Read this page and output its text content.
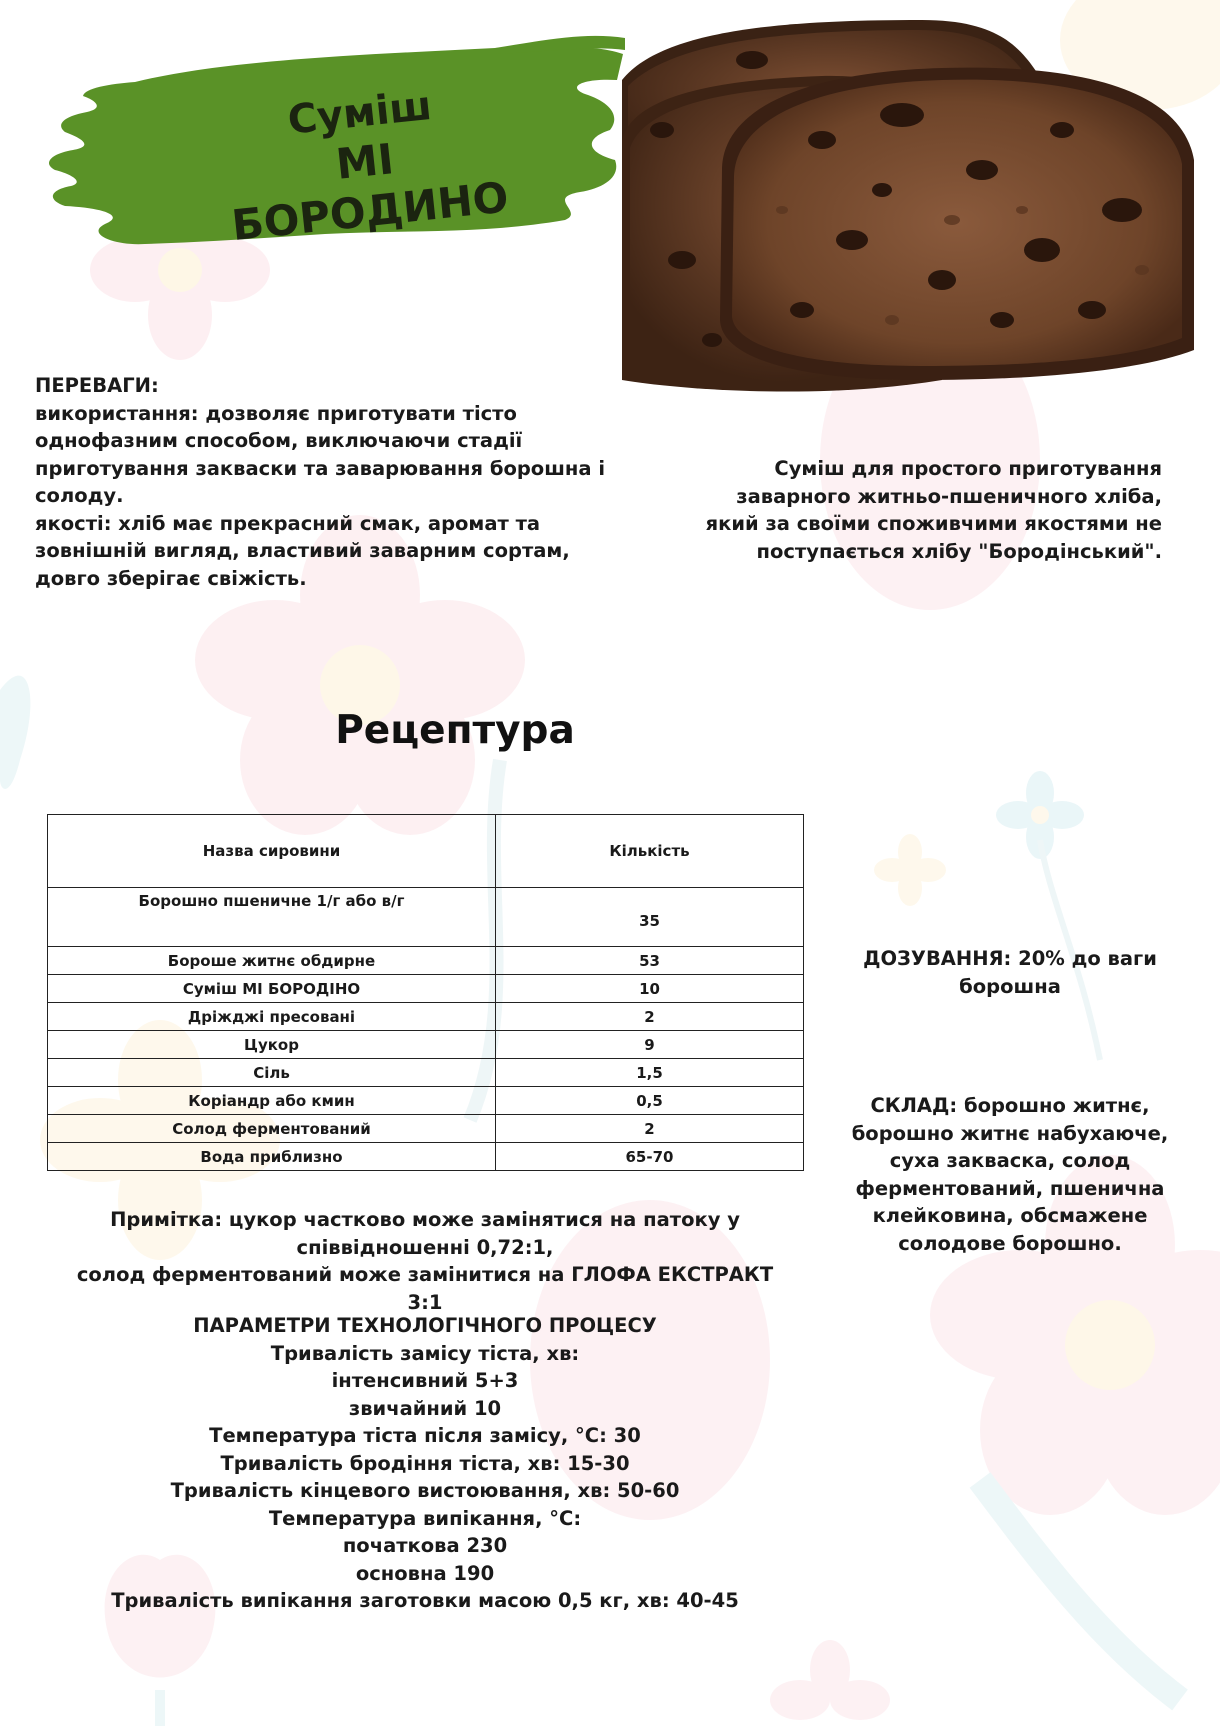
Суміш
МІ БОРОДИНО

ПЕРЕВАГИ:

використання: дозволяє приготувати тісто

однофазним способом, виключаючи стадії

приготування закваски та заварювання борошна і

солоду.

якості: хліб має прекрасний смак, аромат та

зовнішній вигляд, властивий заварним сортам,

довго зберігає свіжість.

Суміш для простого приготування

заварного житньо-пшеничного хліба,

який за своїми споживчими якостями не

поступається хлібу "Бородінський".

Рецептура
Назва сировини	Кількість
Борошно пшеничне 1/г або в/г	35
Бороше житнє обдирне	53
Суміш МІ БОРОДІНО	10
Дріжджі пресовані	2
Цукор	9
Сіль	1,5
Коріандр або кмин	0,5
Солод ферментований	2
Вода приблизно	65-70

ДОЗУВАННЯ: 20% до ваги

борошна

СКЛАД: борошно житнє,

борошно житнє набухаюче,

суха закваска, солод

ферментований, пшенична

клейковина, обсмажене

солодове борошно.

Примітка: цукор частково може замінятися на патоку у

співвідношенні 0,72:1,

солод ферментований може замінитися на ГЛОФА ЕКСТРАКТ 3:1

ПАРАМЕТРИ ТЕХНОЛОГІЧНОГО ПРОЦЕСУ

Тривалість замісу тіста, хв:

інтенсивний 5+3

звичайний 10

Температура тіста після замісу, °С: 30

Тривалість бродіння тіста, хв: 15-30

Тривалість кінцевого вистоювання, хв: 50-60

Температура випікання, °С:

початкова 230

основна 190

Тривалість випікання заготовки масою 0,5 кг, хв: 40-45
